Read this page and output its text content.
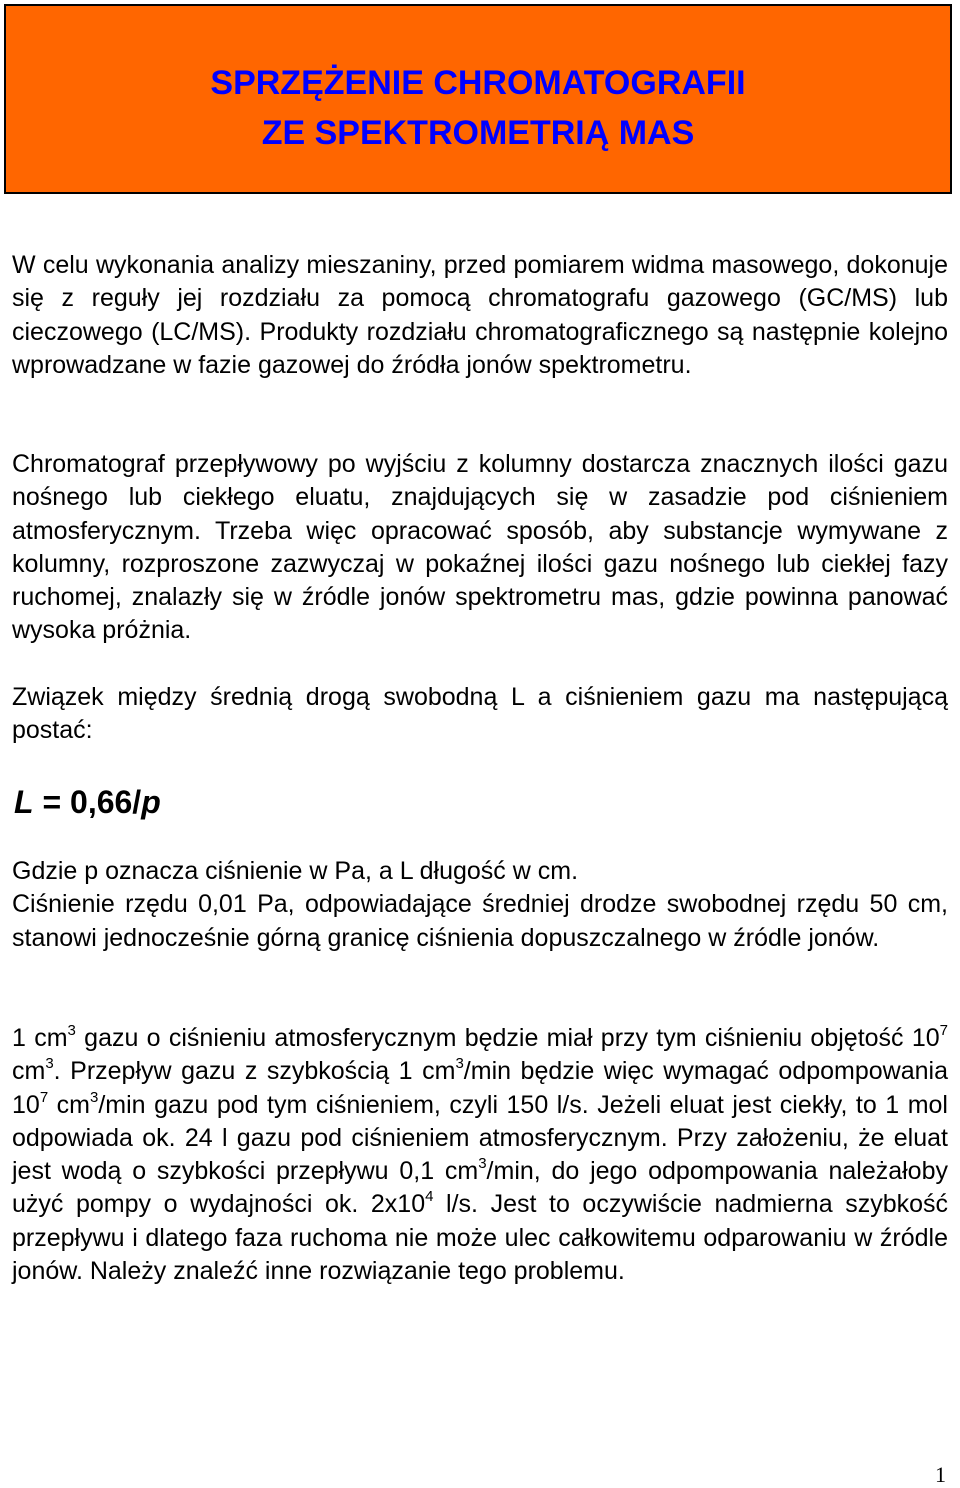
SPRZĘŻENIE CHROMATOGRAFII
ZE SPEKTROMETRIĄ MAS
W celu wykonania analizy mieszaniny, przed pomiarem widma masowego, dokonuje się z reguły jej rozdziału za pomocą chromatografu gazowego (GC/MS) lub cieczowego (LC/MS). Produkty rozdziału chromatograficznego są następnie kolejno wprowadzane w fazie gazowej do źródła jonów spektrometru.
Chromatograf przepływowy po wyjściu z kolumny dostarcza znacznych ilości gazu nośnego lub ciekłego eluatu, znajdujących się w zasadzie pod ciśnieniem atmosferycznym. Trzeba więc opracować sposób, aby substancje wymywane z kolumny, rozproszone zazwyczaj w pokaźnej ilości gazu nośnego lub ciekłej fazy ruchomej, znalazły się w źródle jonów spektrometru mas, gdzie powinna panować wysoka próżnia.
Związek między średnią drogą swobodną L a ciśnieniem gazu ma następującą postać:
L = 0,66/p
Gdzie p oznacza ciśnienie w Pa, a L długość w cm.
Ciśnienie rzędu 0,01 Pa, odpowiadające średniej drodze swobodnej rzędu 50 cm, stanowi jednocześnie górną granicę ciśnienia dopuszczalnego w źródle jonów.
1 $cm^3$ gazu o ciśnieniu atmosferycznym będzie miał przy tym ciśnieniu objętość $10^7$ $cm^3$. Przepływ gazu z szybkością 1 $cm^3/\min$ będzie więc wymagać odpompowania $10^7$ $cm^3/\min$ gazu pod tym ciśnieniem, czyli 150 l/s. Jeżeli eluat jest ciekły, to 1 mol odpowiada ok. 24 l gazu pod ciśnieniem atmosferycznym. Przy założeniu, że eluat jest wodą o szybkości przepływu 0,1 $cm^3/\min$, do jego odpompowania należałoby użyć pompy o wydajności ok. $2x10^4$ l/s. Jest to oczywiście nadmierna szybkość przepływu i dlatego faza ruchoma nie może ulec całkowitemu odparowaniu w źródle jonów. Należy znaleźć inne rozwiązanie tego problemu.
1
